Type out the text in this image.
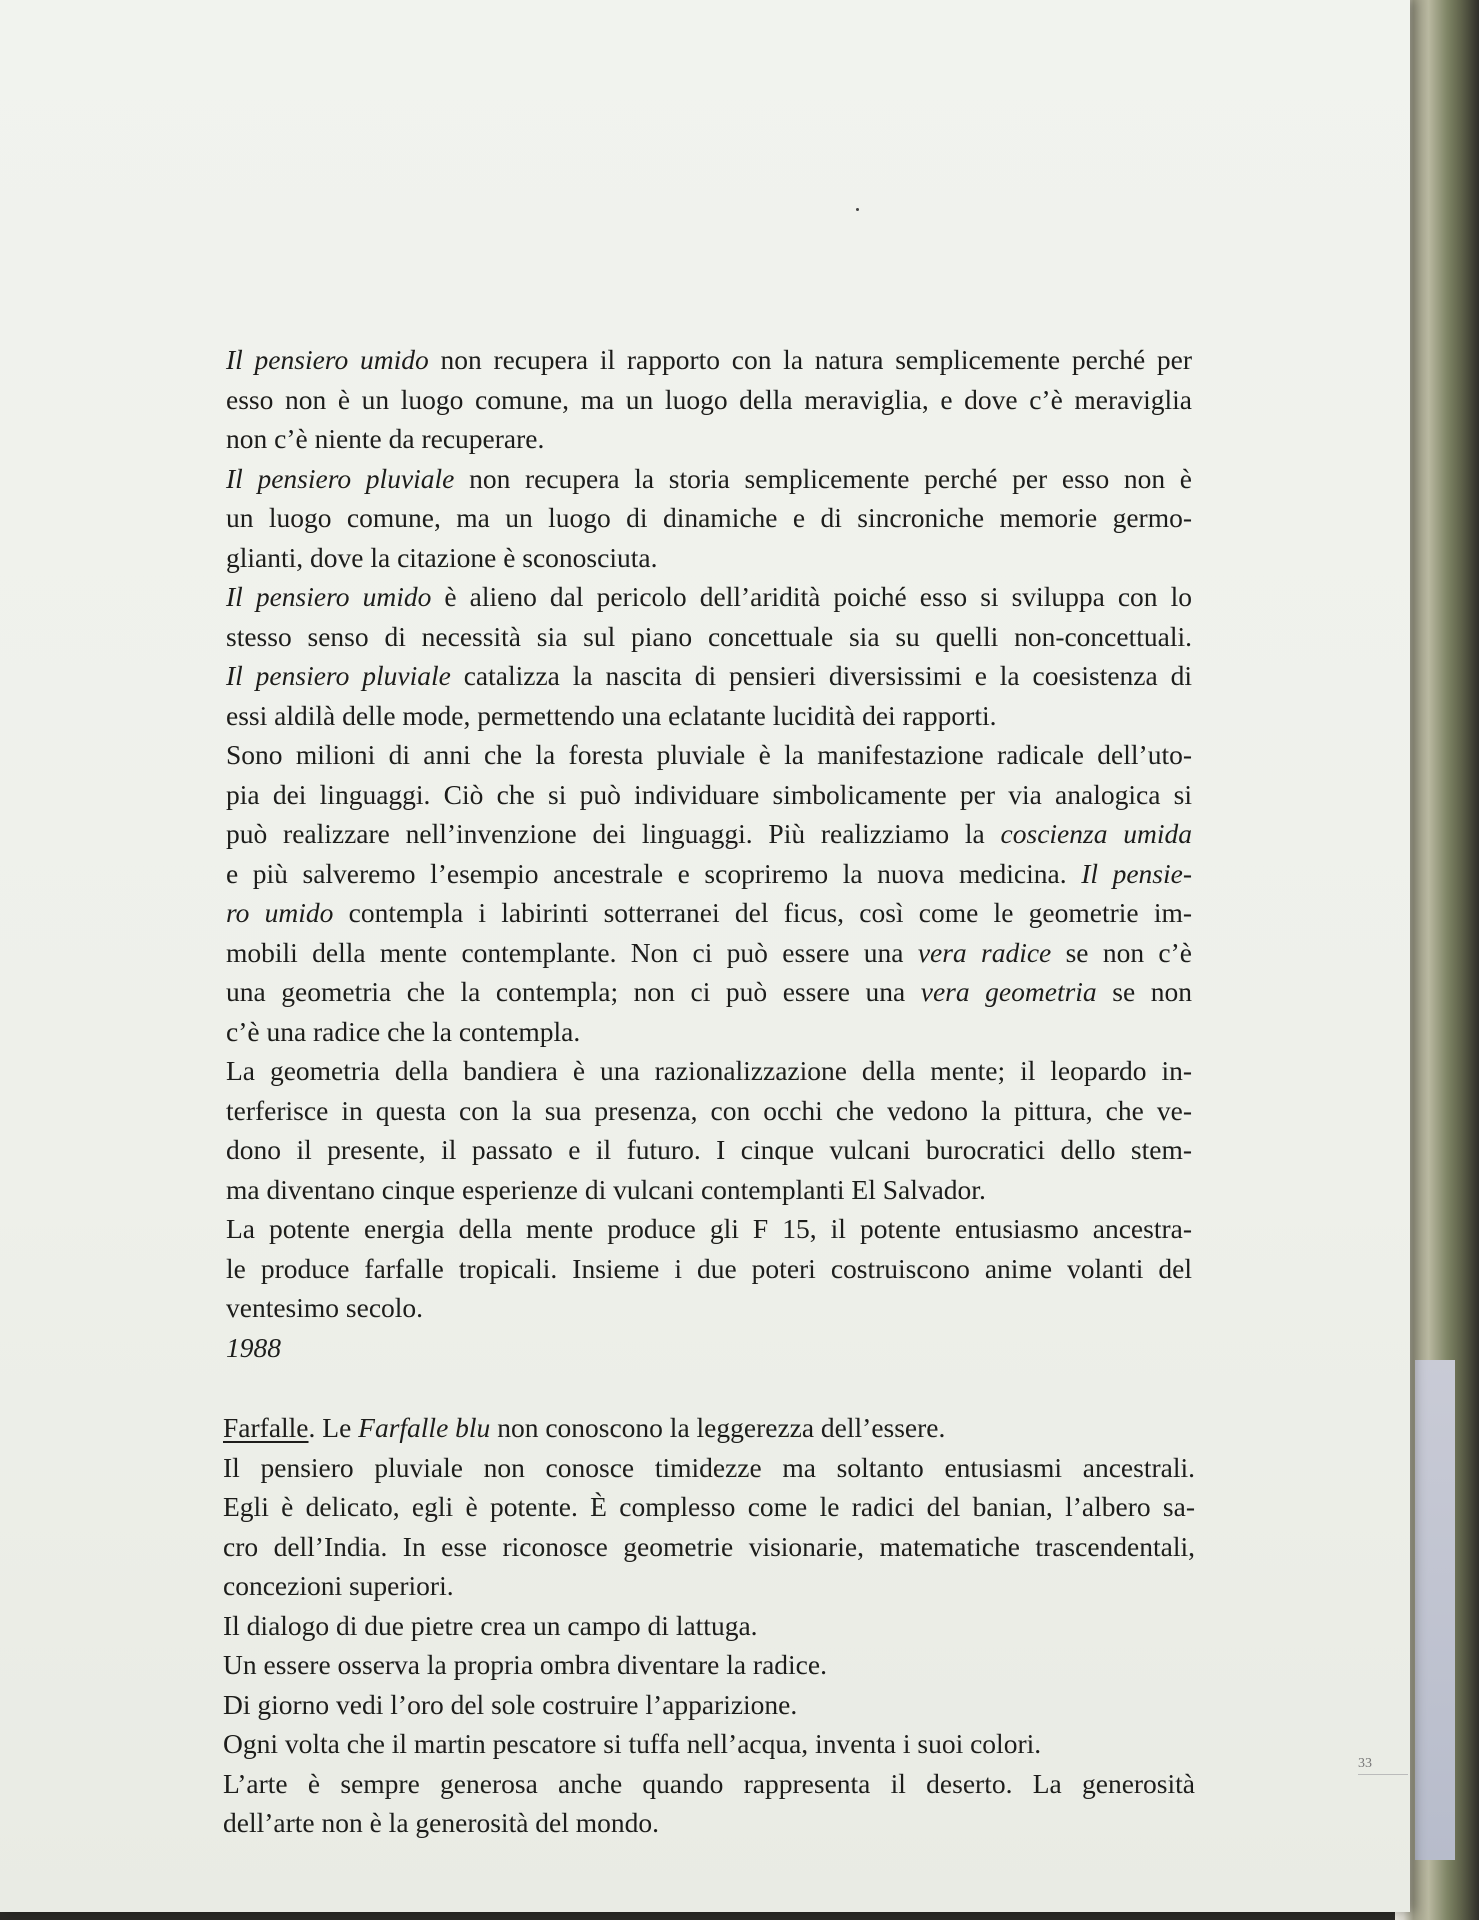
Il pensiero umido non recupera il rapporto con la natura semplicemente perché per
esso non è un luogo comune, ma un luogo della meraviglia, e dove c’è meraviglia
non c’è niente da recuperare.
Il pensiero pluviale non recupera la storia semplicemente perché per esso non è
un luogo comune, ma un luogo di dinamiche e di sincroniche memorie germo-
glianti, dove la citazione è sconosciuta.
Il pensiero umido è alieno dal pericolo dell’aridità poiché esso si sviluppa con lo
stesso senso di necessità sia sul piano concettuale sia su quelli non-concettuali.
Il pensiero pluviale catalizza la nascita di pensieri diversissimi e la coesistenza di
essi aldilà delle mode, permettendo una eclatante lucidità dei rapporti.
Sono milioni di anni che la foresta pluviale è la manifestazione radicale dell’uto-
pia dei linguaggi. Ciò che si può individuare simbolicamente per via analogica si
può realizzare nell’invenzione dei linguaggi. Più realizziamo la coscienza umida
e più salveremo l’esempio ancestrale e scopriremo la nuova medicina. Il pensie-
ro umido contempla i labirinti sotterranei del ficus, così come le geometrie im-
mobili della mente contemplante. Non ci può essere una vera radice se non c’è
una geometria che la contempla; non ci può essere una vera geometria se non
c’è una radice che la contempla.
La geometria della bandiera è una razionalizzazione della mente; il leopardo in-
terferisce in questa con la sua presenza, con occhi che vedono la pittura, che ve-
dono il presente, il passato e il futuro. I cinque vulcani burocratici dello stem-
ma diventano cinque esperienze di vulcani contemplanti El Salvador.
La potente energia della mente produce gli F 15, il potente entusiasmo ancestra-
le produce farfalle tropicali. Insieme i due poteri costruiscono anime volanti del
ventesimo secolo.
1988
Farfalle. Le Farfalle blu non conoscono la leggerezza dell’essere.
Il pensiero pluviale non conosce timidezze ma soltanto entusiasmi ancestrali.
Egli è delicato, egli è potente. È complesso come le radici del banian, l’albero sa-
cro dell’India. In esse riconosce geometrie visionarie, matematiche trascendentali,
concezioni superiori.
Il dialogo di due pietre crea un campo di lattuga.
Un essere osserva la propria ombra diventare la radice.
Di giorno vedi l’oro del sole costruire l’apparizione.
Ogni volta che il martin pescatore si tuffa nell’acqua, inventa i suoi colori.
L’arte è sempre generosa anche quando rappresenta il deserto. La generosità
dell’arte non è la generosità del mondo.
33
